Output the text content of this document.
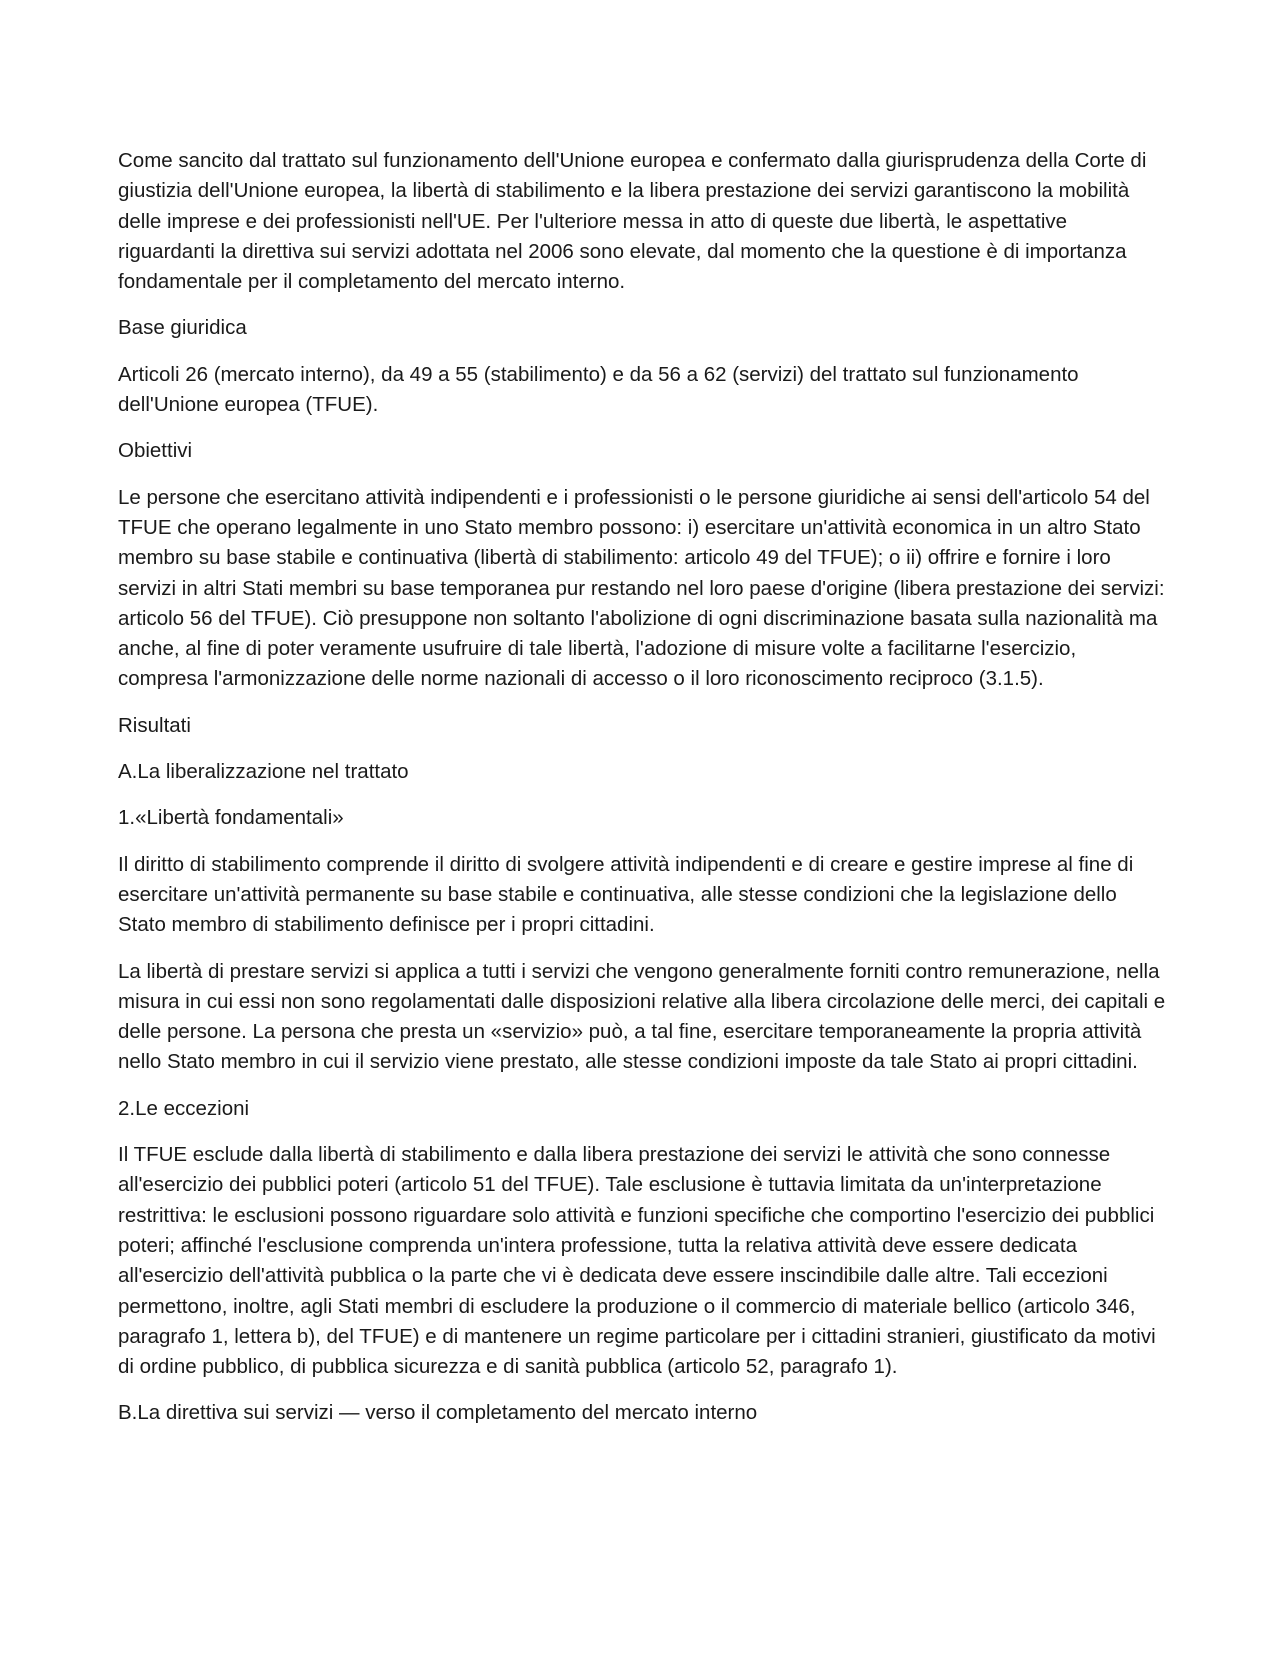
Come sancito dal trattato sul funzionamento dell'Unione europea e confermato dalla giurisprudenza della Corte di giustizia dell'Unione europea, la libertà di stabilimento e la libera prestazione dei servizi garantiscono la mobilità delle imprese e dei professionisti nell'UE. Per l'ulteriore messa in atto di queste due libertà, le aspettative riguardanti la direttiva sui servizi adottata nel 2006 sono elevate, dal momento che la questione è di importanza fondamentale per il completamento del mercato interno.

Base giuridica

Articoli 26 (mercato interno), da 49 a 55 (stabilimento) e da 56 a 62 (servizi) del trattato sul funzionamento dell'Unione europea (TFUE).

Obiettivi

Le persone che esercitano attività indipendenti e i professionisti o le persone giuridiche ai sensi dell'articolo 54 del TFUE che operano legalmente in uno Stato membro possono: i) esercitare un'attività economica in un altro Stato membro su base stabile e continuativa (libertà di stabilimento: articolo 49 del TFUE); o ii) offrire e fornire i loro servizi in altri Stati membri su base temporanea pur restando nel loro paese d'origine (libera prestazione dei servizi: articolo 56 del TFUE). Ciò presuppone non soltanto l'abolizione di ogni discriminazione basata sulla nazionalità ma anche, al fine di poter veramente usufruire di tale libertà, l'adozione di misure volte a facilitarne l'esercizio, compresa l'armonizzazione delle norme nazionali di accesso o il loro riconoscimento reciproco (3.1.5).

Risultati

A.La liberalizzazione nel trattato

1.«Libertà fondamentali»

Il diritto di stabilimento comprende il diritto di svolgere attività indipendenti e di creare e gestire imprese al fine di esercitare un'attività permanente su base stabile e continuativa, alle stesse condizioni che la legislazione dello Stato membro di stabilimento definisce per i propri cittadini.

La libertà di prestare servizi si applica a tutti i servizi che vengono generalmente forniti contro remunerazione, nella misura in cui essi non sono regolamentati dalle disposizioni relative alla libera circolazione delle merci, dei capitali e delle persone. La persona che presta un «servizio» può, a tal fine, esercitare temporaneamente la propria attività nello Stato membro in cui il servizio viene prestato, alle stesse condizioni imposte da tale Stato ai propri cittadini.

2.Le eccezioni

Il TFUE esclude dalla libertà di stabilimento e dalla libera prestazione dei servizi le attività che sono connesse all'esercizio dei pubblici poteri (articolo 51 del TFUE). Tale esclusione è tuttavia limitata da un'interpretazione restrittiva: le esclusioni possono riguardare solo attività e funzioni specifiche che comportino l'esercizio dei pubblici poteri; affinché l'esclusione comprenda un'intera professione, tutta la relativa attività deve essere dedicata all'esercizio dell'attività pubblica o la parte che vi è dedicata deve essere inscindibile dalle altre. Tali eccezioni permettono, inoltre, agli Stati membri di escludere la produzione o il commercio di materiale bellico (articolo 346, paragrafo 1, lettera b), del TFUE) e di mantenere un regime particolare per i cittadini stranieri, giustificato da motivi di ordine pubblico, di pubblica sicurezza e di sanità pubblica (articolo 52, paragrafo 1).

B.La direttiva sui servizi — verso il completamento del mercato interno
